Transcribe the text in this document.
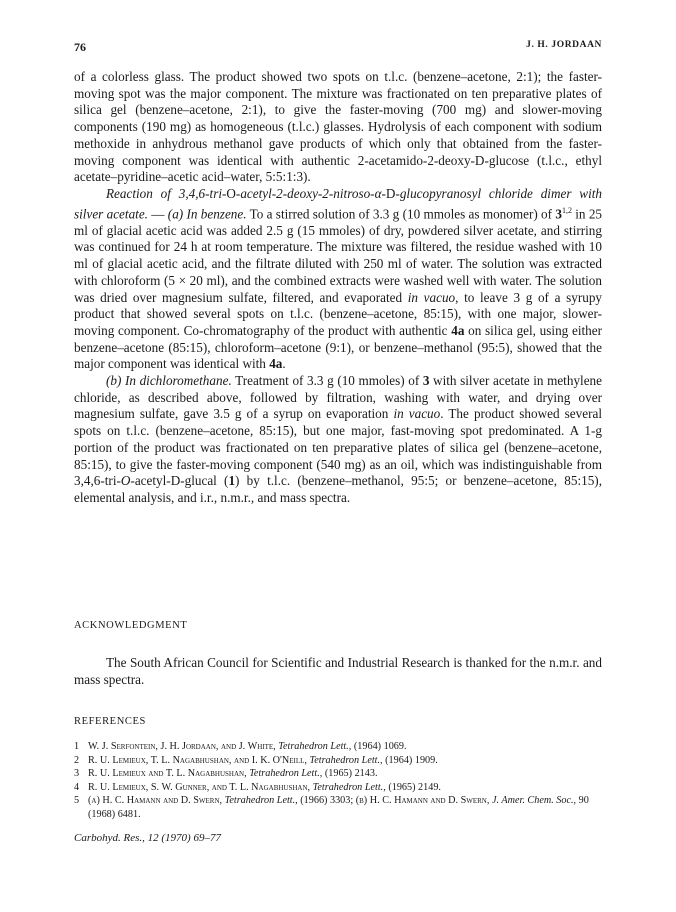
76	J. H. JORDAAN

of a colorless glass. The product showed two spots on t.l.c. (benzene–acetone, 2:1); the faster-moving spot was the major component. The mixture was fractionated on ten preparative plates of silica gel (benzene–acetone, 2:1), to give the faster-moving (700 mg) and slower-moving components (190 mg) as homogeneous (t.l.c.) glasses. Hydrolysis of each component with sodium methoxide in anhydrous methanol gave products of which only that obtained from the faster-moving component was identical with authentic 2-acetamido-2-deoxy-D-glucose (t.l.c., ethyl acetate–pyridine–acetic acid–water, 5:5:1:3).

Reaction of 3,4,6-tri-O-acetyl-2-deoxy-2-nitroso-α-D-glucopyranosyl chloride dimer with silver acetate. — (a) In benzene. To a stirred solution of 3.3 g (10 mmoles as monomer) of 3$^{1,2}$ in 25 ml of glacial acetic acid was added 2.5 g (15 mmoles) of dry, powdered silver acetate, and stirring was continued for 24 h at room temperature. The mixture was filtered, the residue washed with 10 ml of glacial acetic acid, and the filtrate diluted with 250 ml of water. The solution was extracted with chloroform (5 × 20 ml), and the combined extracts were washed well with water. The solution was dried over magnesium sulfate, filtered, and evaporated in vacuo, to leave 3 g of a syrupy product that showed several spots on t.l.c. (benzene–acetone, 85:15), with one major, slower-moving component. Co-chromatography of the product with authentic 4a on silica gel, using either benzene–acetone (85:15), chloroform–acetone (9:1), or benzene–methanol (95:5), showed that the major component was identical with 4a.

(b) In dichloromethane. Treatment of 3.3 g (10 mmoles) of 3 with silver acetate in methylene chloride, as described above, followed by filtration, washing with water, and drying over magnesium sulfate, gave 3.5 g of a syrup on evaporation in vacuo. The product showed several spots on t.l.c. (benzene–acetone, 85:15), but one major, fast-moving spot predominated. A 1-g portion of the product was fractionated on ten preparative plates of silica gel (benzene–acetone, 85:15), to give the faster-moving component (540 mg) as an oil, which was indistinguishable from 3,4,6-tri-O-acetyl-D-glucal (1) by t.l.c. (benzene–methanol, 95:5; or benzene–acetone, 85:15), elemental analysis, and i.r., n.m.r., and mass spectra.

ACKNOWLEDGMENT
The South African Council for Scientific and Industrial Research is thanked for the n.m.r. and mass spectra.
REFERENCES
1 W. J. Serfontein, J. H. Jordaan, and J. White, Tetrahedron Lett., (1964) 1069.
2 R. U. Lemieux, T. L. Nagabhushan, and I. K. O'Neill, Tetrahedron Lett., (1964) 1909.
3 R. U. Lemieux and T. L. Nagabhushan, Tetrahedron Lett., (1965) 2143.
4 R. U. Lemieux, S. W. Gunner, and T. L. Nagabhushan, Tetrahedron Lett., (1965) 2149.
5 (a) H. C. Hamann and D. Swern, Tetrahedron Lett., (1966) 3303; (b) H. C. Hamann and D. Swern, J. Amer. Chem. Soc., 90 (1968) 6481.
Carbohyd. Res., 12 (1970) 69–77
